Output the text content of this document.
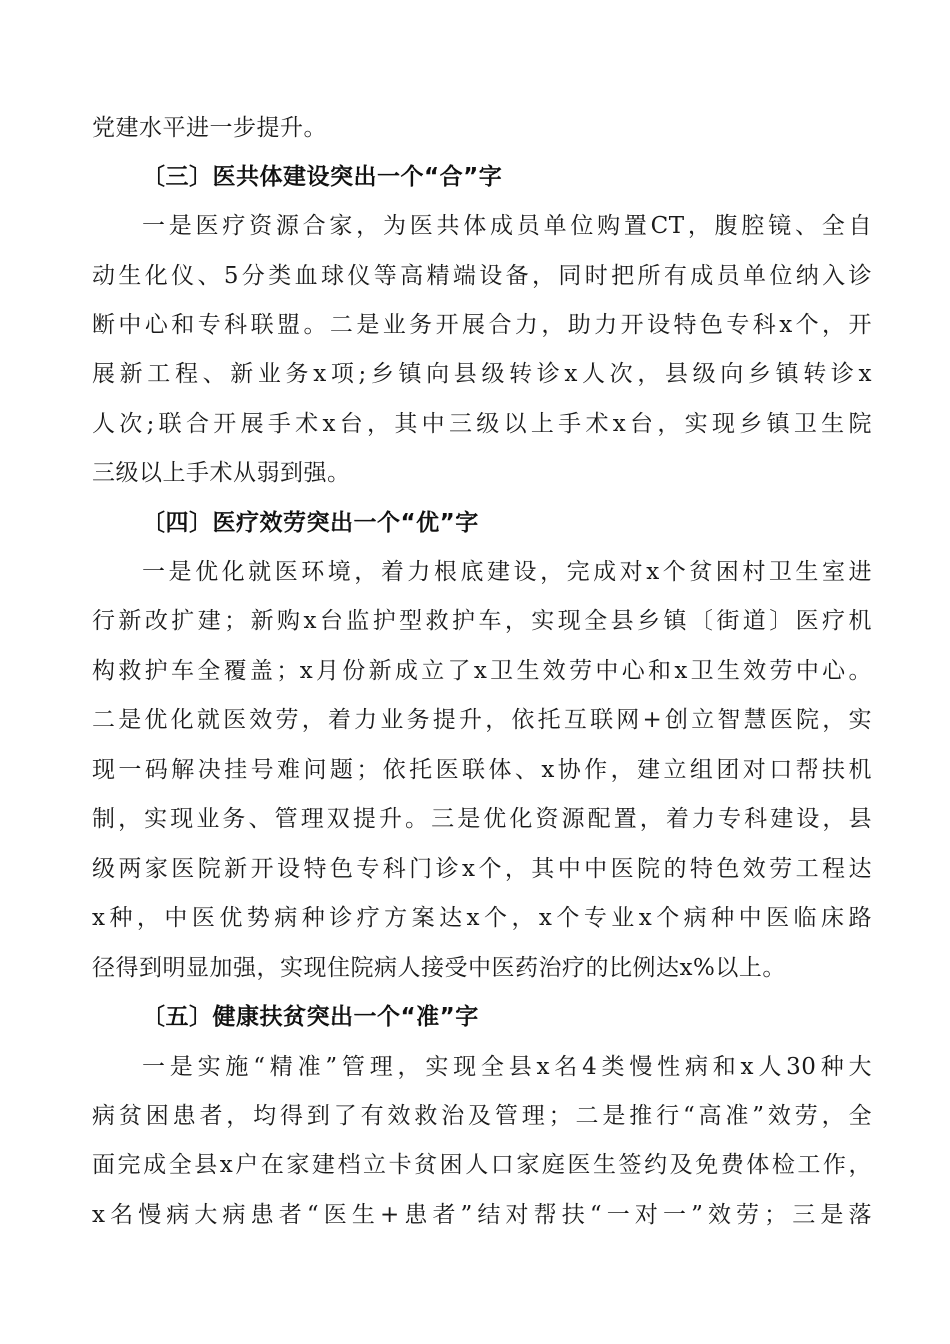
党建水平进一步提升。
〔三〕医共体建设突出一个“合”字
一是医疗资源合家，为医共体成员单位购置CT，腹腔镜、全自
动生化仪、5分类血球仪等高精端设备，同时把所有成员单位纳入诊
断中心和专科联盟。二是业务开展合力，助力开设特色专科x个，开
展新工程、新业务x项;乡镇向县级转诊x人次，县级向乡镇转诊x
人次;联合开展手术x台，其中三级以上手术x台，实现乡镇卫生院
三级以上手术从弱到强。
〔四〕医疗效劳突出一个“优”字
一是优化就医环境，着力根底建设，完成对x个贫困村卫生室进
行新改扩建；新购x台监护型救护车，实现全县乡镇〔街道〕医疗机
构救护车全覆盖；x月份新成立了x卫生效劳中心和x卫生效劳中心。
二是优化就医效劳，着力业务提升，依托互联网+创立智慧医院，实
现一码解决挂号难问题；依托医联体、x协作，建立组团对口帮扶机
制，实现业务、管理双提升。三是优化资源配置，着力专科建设，县
级两家医院新开设特色专科门诊x个，其中中医院的特色效劳工程达
x种，中医优势病种诊疗方案达x个，x个专业x个病种中医临床路
径得到明显加强，实现住院病人接受中医药治疗的比例达x%以上。
〔五〕健康扶贫突出一个“准”字
一是实施“精准”管理，实现全县x名4类慢性病和x人30种大
病贫困患者，均得到了有效救治及管理；二是推行“高准”效劳，全
面完成全县x户在家建档立卡贫困人口家庭医生签约及免费体检工作，
x名慢病大病患者“医生+患者”结对帮扶“一对一”效劳；三是落
